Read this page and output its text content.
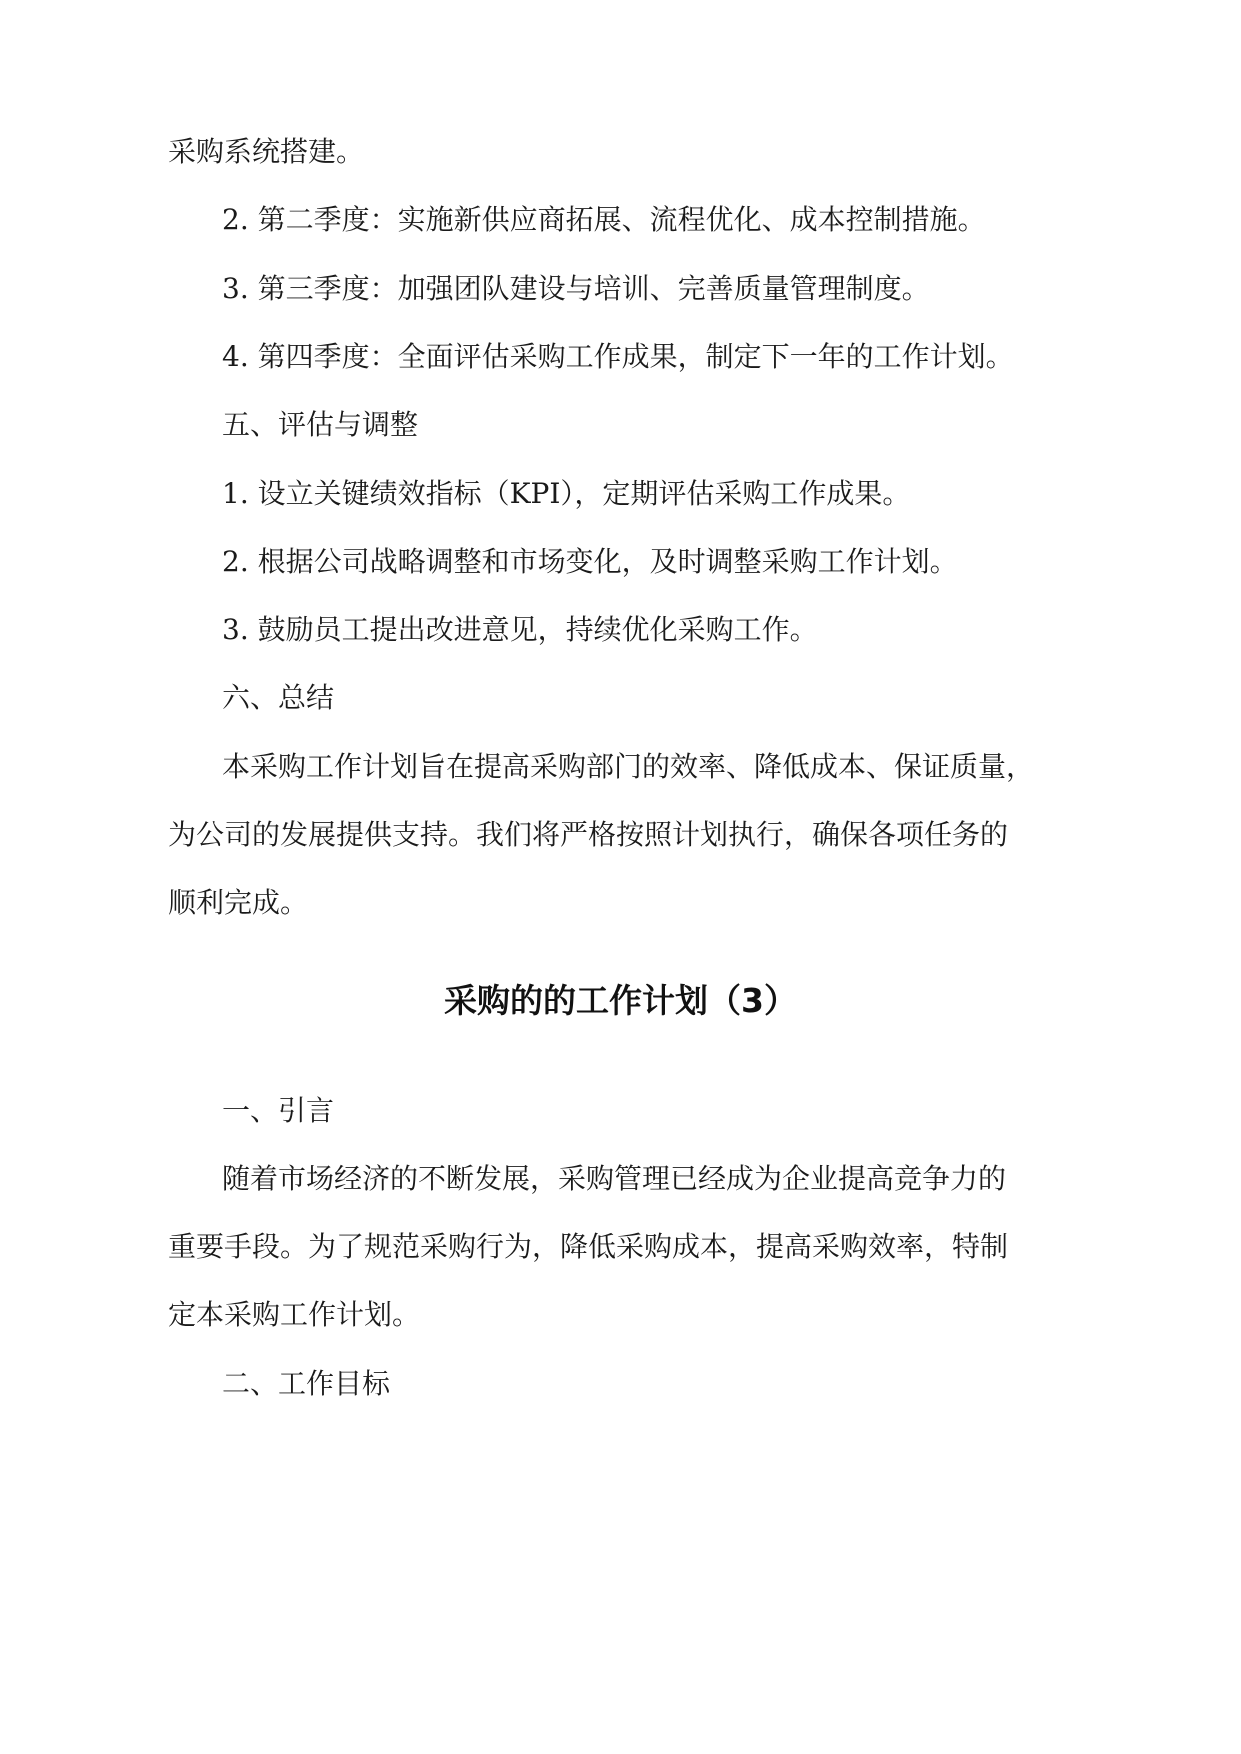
采购系统搭建。
2. 第二季度：实施新供应商拓展、流程优化、成本控制措施。
3. 第三季度：加强团队建设与培训、完善质量管理制度。
4. 第四季度：全面评估采购工作成果，制定下一年的工作计划。
五、评估与调整
1. 设立关键绩效指标（KPI），定期评估采购工作成果。
2. 根据公司战略调整和市场变化，及时调整采购工作计划。
3. 鼓励员工提出改进意见，持续优化采购工作。
六、总结
本采购工作计划旨在提高采购部门的效率、降低成本、保证质量，
为公司的发展提供支持。我们将严格按照计划执行，确保各项任务的
顺利完成。
采购的的工作计划（3）
一、引言
随着市场经济的不断发展，采购管理已经成为企业提高竞争力的
重要手段。为了规范采购行为，降低采购成本，提高采购效率，特制
定本采购工作计划。
二、工作目标
